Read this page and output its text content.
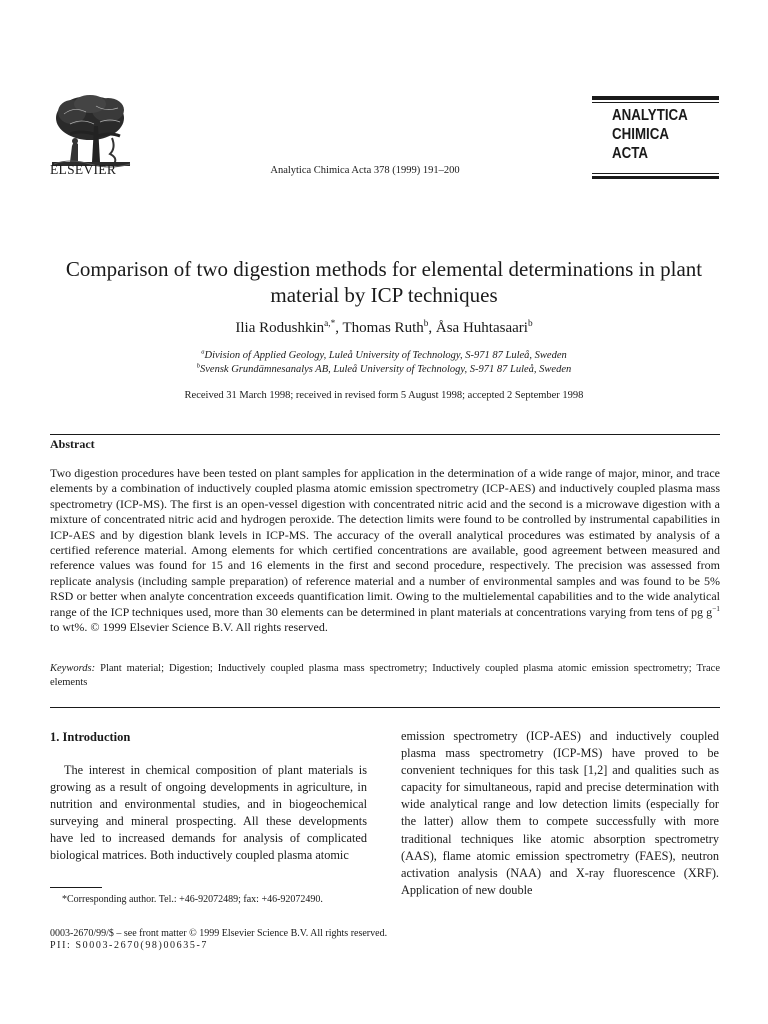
ELSEVIER	Analytica Chimica Acta 378 (1999) 191–200
ANALYTICA
CHIMICA
ACTA
Comparison of two digestion methods for elemental determinations in plant material by ICP techniques
Ilia Rodushkin$^{a,*}$, Thomas Ruth$^b$, Åsa Huhtasaari$^b$
$^a$Division of Applied Geology, Luleå University of Technology, S-971 87 Luleå, Sweden
$^b$Svensk Grundämnesanalys AB, Luleå University of Technology, S-971 87 Luleå, Sweden
Received 31 March 1998; received in revised form 5 August 1998; accepted 2 September 1998
Abstract
Two digestion procedures have been tested on plant samples for application in the determination of a wide range of major, minor, and trace elements by a combination of inductively coupled plasma atomic emission spectrometry (ICP-AES) and inductively coupled plasma mass spectrometry (ICP-MS). The first is an open-vessel digestion with concentrated nitric acid and the second is a microwave digestion with a mixture of concentrated nitric acid and hydrogen peroxide. The detection limits were found to be controlled by instrumental capabilities in ICP-AES and by digestion blank levels in ICP-MS. The accuracy of the overall analytical procedures was estimated by analysis of a certified reference material. Among elements for which certified concentrations are available, good agreement between measured and reference values was found for 15 and 16 elements in the first and second procedure, respectively. The precision was assessed from replicate analysis (including sample preparation) of reference material and a number of environmental samples and was found to be 5% RSD or better when analyte concentration exceeds quantification limit. Owing to the multielemental capabilities and to the wide analytical range of the ICP techniques used, more than 30 elements can be determined in plant materials at concentrations varying from tens of pg $g^{-1}$ to wt%. © 1999 Elsevier Science B.V. All rights reserved.
Keywords: Plant material; Digestion; Inductively coupled plasma mass spectrometry; Inductively coupled plasma atomic emission spectrometry; Trace elements
1. Introduction
The interest in chemical composition of plant materials is growing as a result of ongoing developments in agriculture, in nutrition and environmental studies, and in biogeochemical surveying and mineral prospecting. All these developments have led to increased demands for analysis of complicated biological matrices. Both inductively coupled plasma atomic
emission spectrometry (ICP-AES) and inductively coupled plasma mass spectrometry (ICP-MS) have proved to be convenient techniques for this task [1,2] and qualities such as capacity for simultaneous, rapid and precise determination with wide analytical range and low detection limits (especially for the latter) allow them to compete successfully with more traditional techniques like atomic absorption spectrometry (AAS), flame atomic emission spectrometry (FAES), neutron activation analysis (NAA) and X-ray fluorescence (XRF). Application of new double
*Corresponding author. Tel.: +46-92072489; fax: +46-92072490.
0003-2670/99/$ – see front matter © 1999 Elsevier Science B.V. All rights reserved.
PII: S0003-2670(98)00635-7
